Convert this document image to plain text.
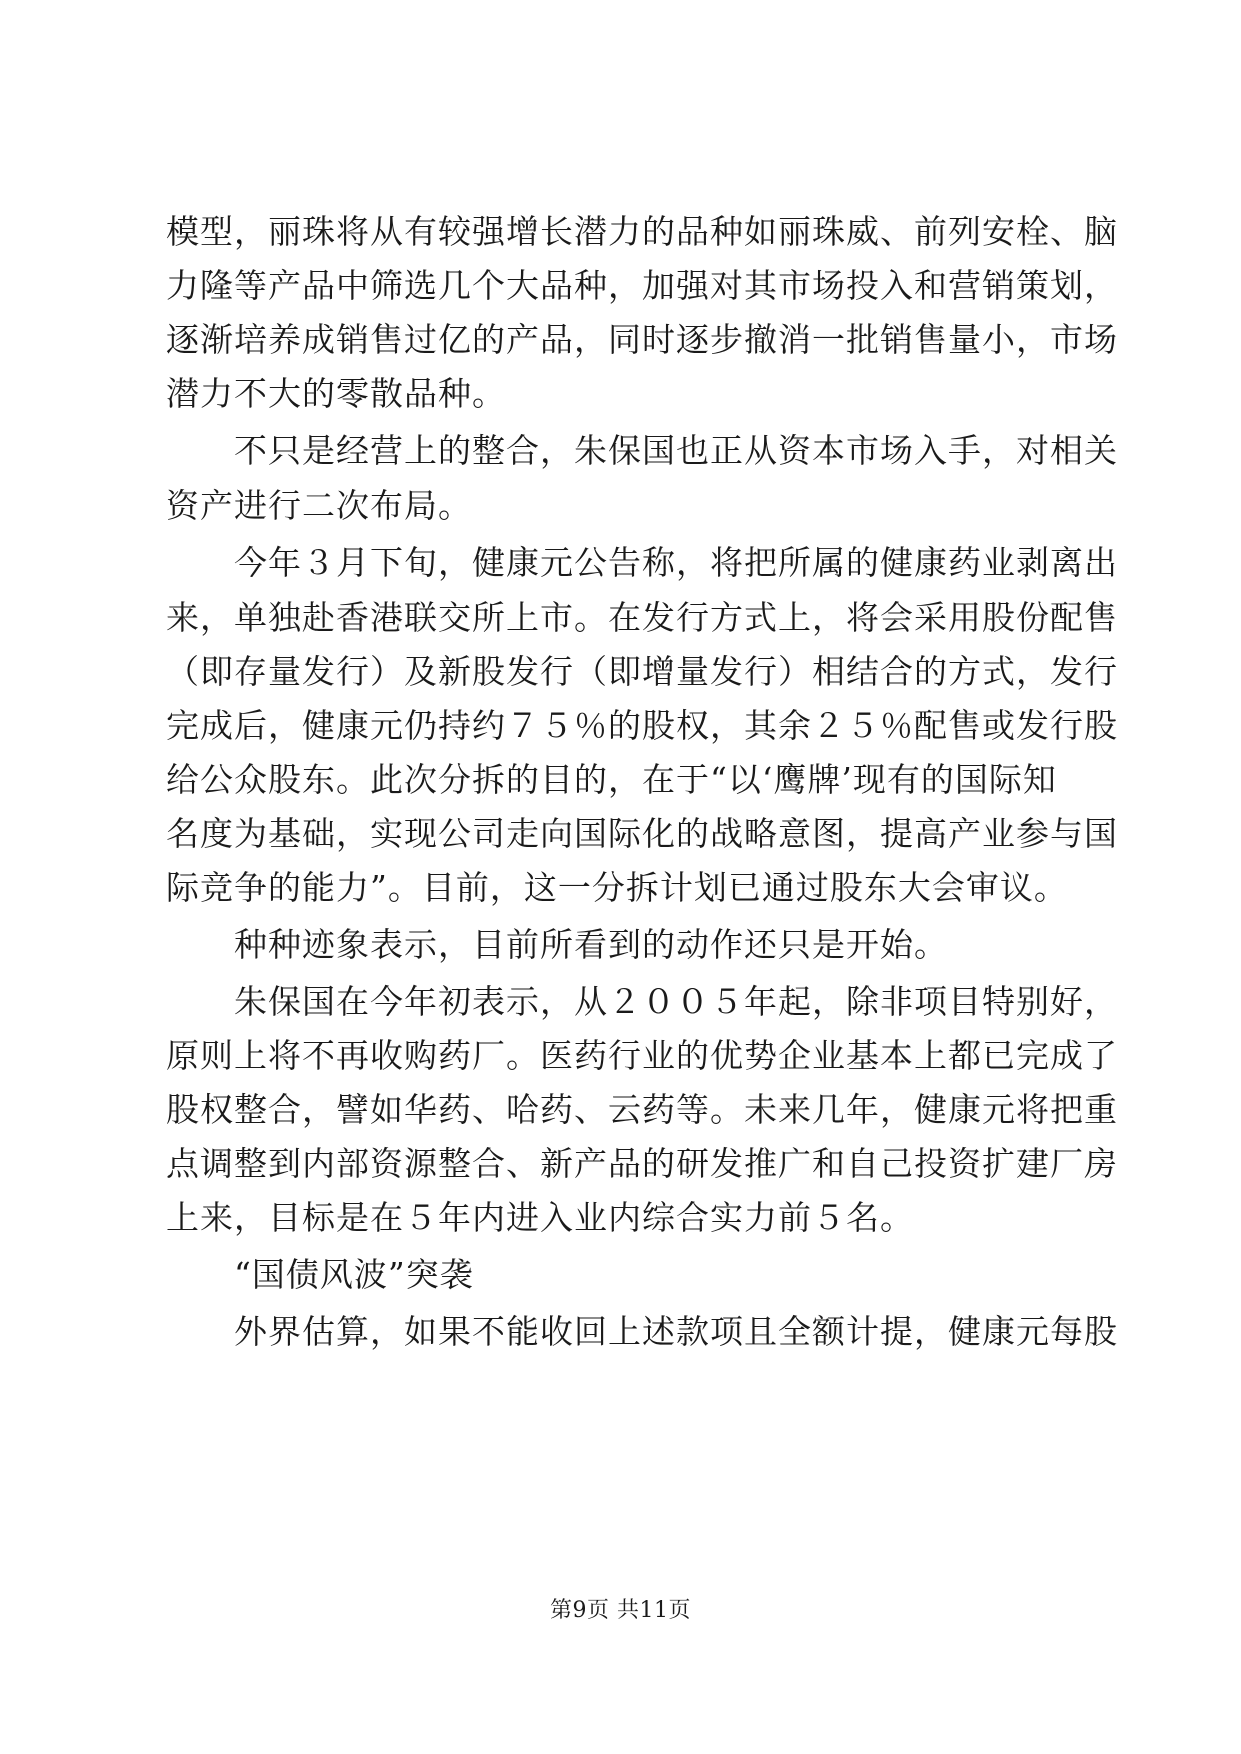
模型，丽珠将从有较强增长潜力的品种如丽珠威、前列安栓、脑
力隆等产品中筛选几个大品种，加强对其市场投入和营销策划，
逐渐培养成销售过亿的产品，同时逐步撤消一批销售量小，市场
潜力不大的零散品种。
　　不只是经营上的整合，朱保国也正从资本市场入手，对相关
资产进行二次布局。
　　今年３月下旬，健康元公告称，将把所属的健康药业剥离出
来，单独赴香港联交所上市。在发行方式上，将会采用股份配售
（即存量发行）及新股发行（即增量发行）相结合的方式，发行
完成后，健康元仍持约７５％的股权，其余２５％配售或发行股
给公众股东。此次分拆的目的，在于“以‘鹰牌’现有的国际知
名度为基础，实现公司走向国际化的战略意图，提高产业参与国
际竞争的能力”。目前，这一分拆计划已通过股东大会审议。
　　种种迹象表示，目前所看到的动作还只是开始。
　　朱保国在今年初表示，从２００５年起，除非项目特别好，
原则上将不再收购药厂。医药行业的优势企业基本上都已完成了
股权整合，譬如华药、哈药、云药等。未来几年，健康元将把重
点调整到内部资源整合、新产品的研发推广和自己投资扩建厂房
上来，目标是在５年内进入业内综合实力前５名。
　　“国债风波”突袭
　　外界估算，如果不能收回上述款项且全额计提，健康元每股
第9页 共11页
